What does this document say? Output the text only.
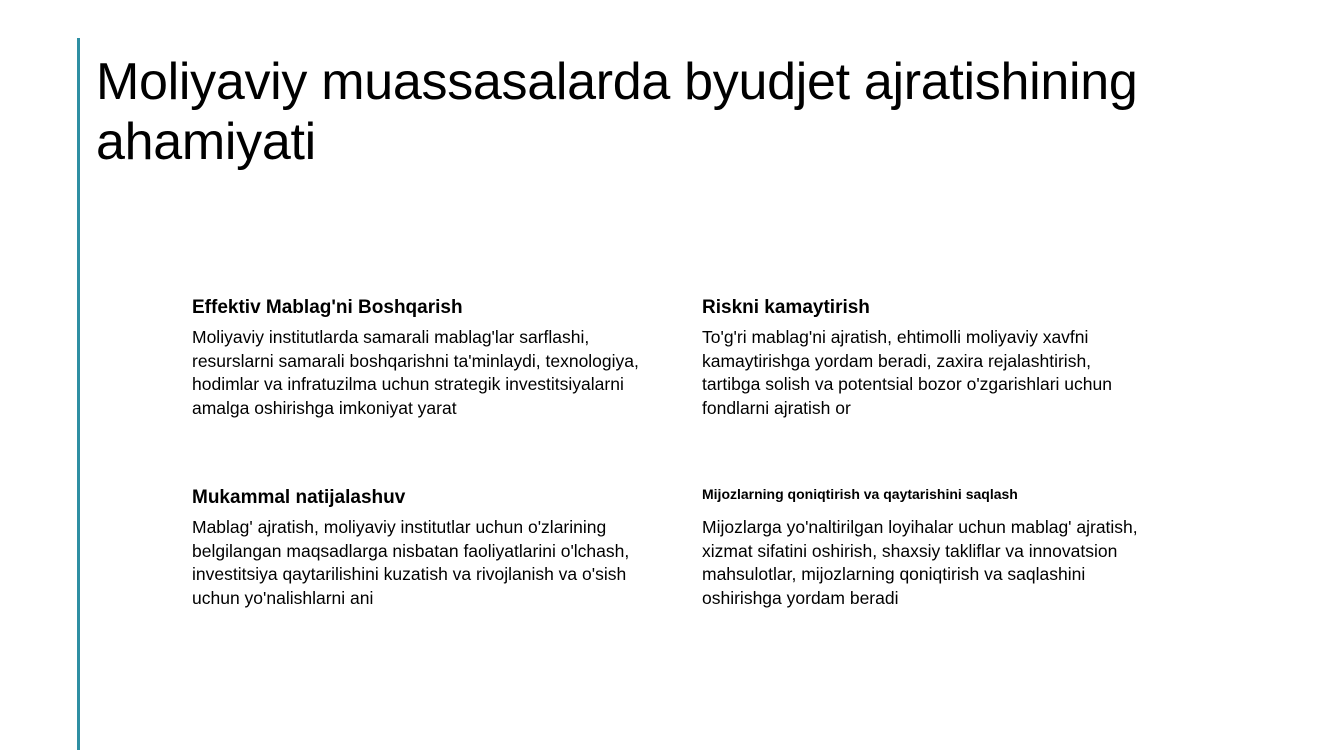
Moliyaviy muassasalarda byudjet ajratishining ahamiyati
Effektiv Mablag'ni Boshqarish

Moliyaviy institutlarda samarali mablag'lar sarflashi, resurslarni samarali boshqarishni ta'minlaydi, texnologiya, hodimlar va infratuzilma uchun strategik investitsiyalarni amalga oshirishga imkoniyat yarat

Riskni kamaytirish

To'g'ri mablag'ni ajratish, ehtimolli moliyaviy xavfni kamaytirishga yordam beradi, zaxira rejalashtirish, tartibga solish va potentsial bozor o'zgarishlari uchun fondlarni ajratish or

Mukammal natijalashuv

Mablag' ajratish, moliyaviy institutlar uchun o'zlarining belgilangan maqsadlarga nisbatan faoliyatlarini o'lchash, investitsiya qaytarilishini kuzatish va rivojlanish va o'sish uchun yo'nalishlarni ani

Mijozlarning qoniqtirish va qaytarishini saqlash

Mijozlarga yo'naltirilgan loyihalar uchun mablag' ajratish, xizmat sifatini oshirish, shaxsiy takliflar va innovatsion mahsulotlar, mijozlarning qoniqtirish va saqlashini oshirishga yordam beradi
